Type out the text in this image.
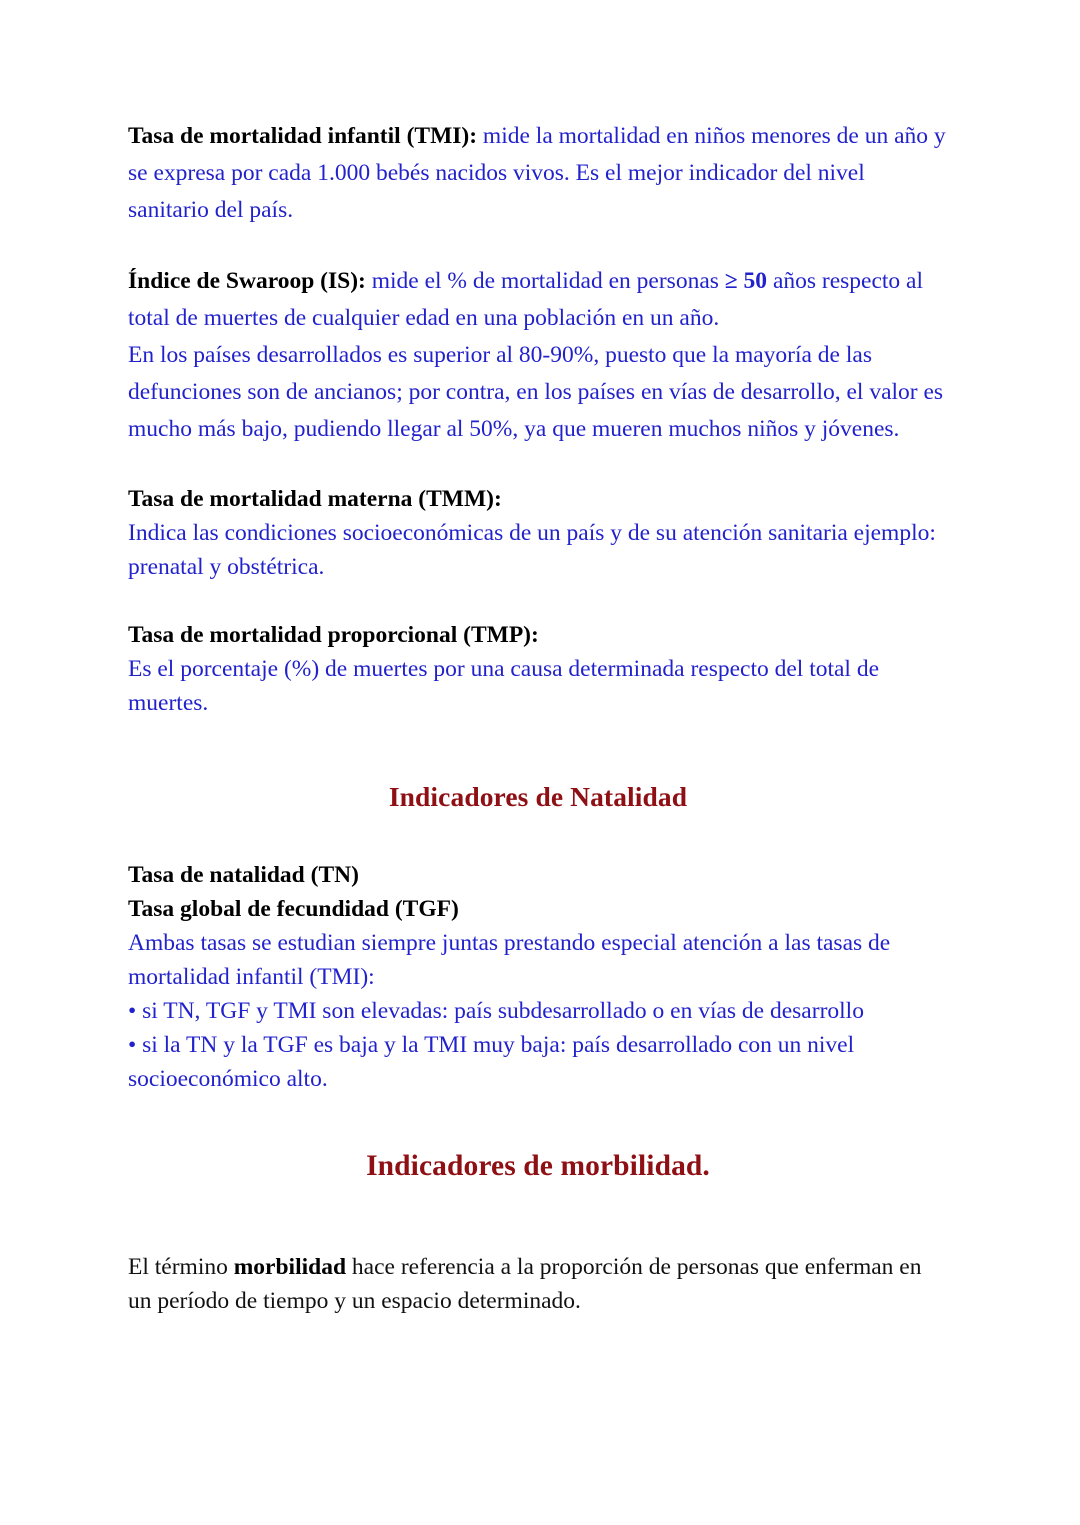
Tasa de mortalidad infantil (TMI): mide la mortalidad en niños menores de un año y se expresa por cada 1.000 bebés nacidos vivos. Es el mejor indicador del nivel sanitario del país.

Índice de Swaroop (IS): mide el % de mortalidad en personas ≥ 50 años respecto al total de muertes de cualquier edad en una población en un año.

En los países desarrollados es superior al 80-90%, puesto que la mayoría de las defunciones son de ancianos; por contra, en los países en vías de desarrollo, el valor es mucho más bajo, pudiendo llegar al 50%, ya que mueren muchos niños y jóvenes.

Tasa de mortalidad materna (TMM):
Indica las condiciones socioeconómicas de un país y de su atención sanitaria ejemplo: prenatal y obstétrica.

Tasa de mortalidad proporcional (TMP):
Es el porcentaje (%) de muertes por una causa determinada respecto del total de muertes.

Indicadores de Natalidad

Tasa de natalidad (TN)
Tasa global de fecundidad (TGF)
Ambas tasas se estudian siempre juntas prestando especial atención a las tasas de mortalidad infantil (TMI):

• si TN, TGF y TMI son elevadas: país subdesarrollado o en vías de desarrollo
• si la TN y la TGF es baja y la TMI muy baja: país desarrollado con un nivel socioeconómico alto.

Indicadores de morbilidad.

El término morbilidad hace referencia a la proporción de personas que enferman en un período de tiempo y un espacio determinado.
